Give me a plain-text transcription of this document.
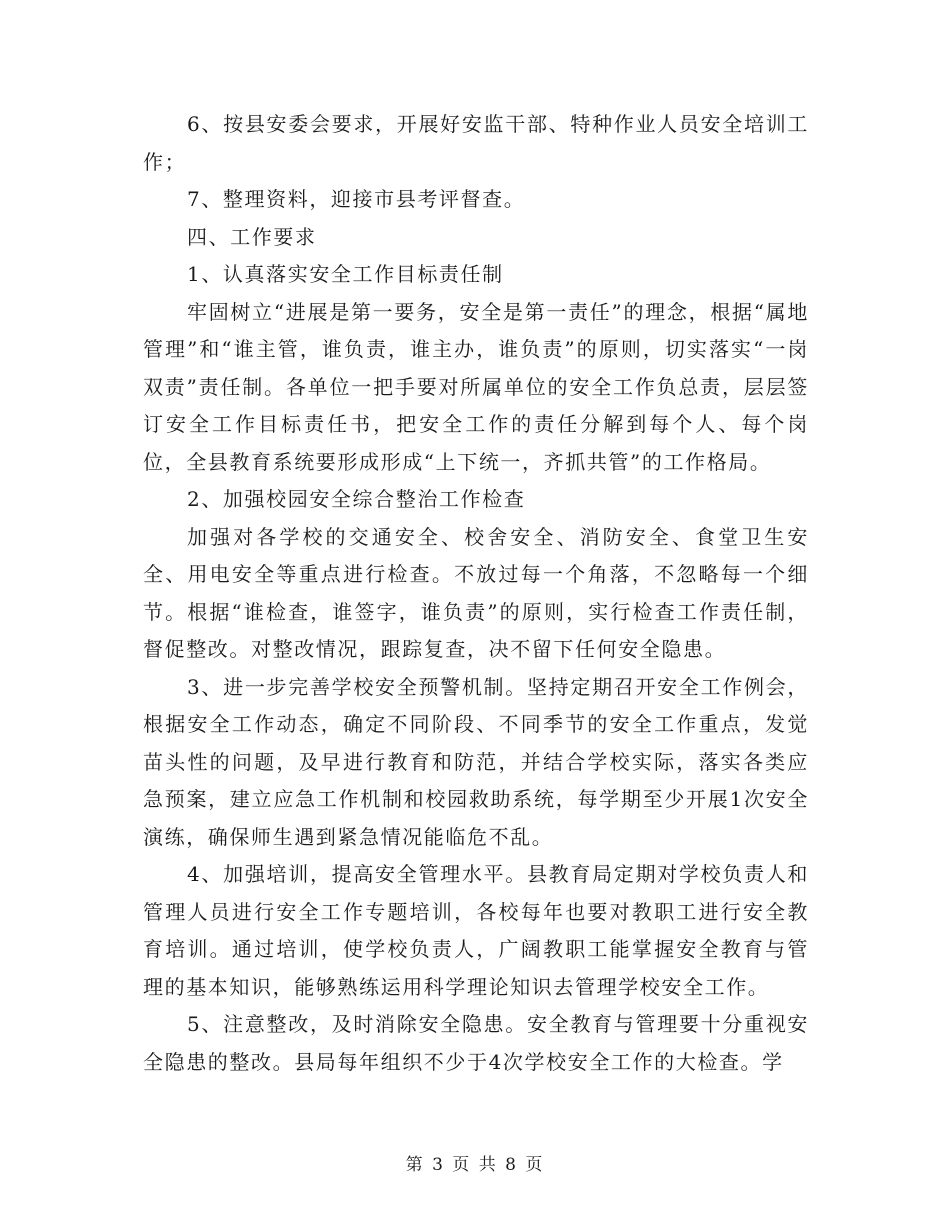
6、按县安委会要求，开展好安监干部、特种作业人员安全培训工作；

7、整理资料，迎接市县考评督查。

四、工作要求

1、认真落实安全工作目标责任制

牢固树立“进展是第一要务，安全是第一责任”的理念，根据“属地管理”和“谁主管，谁负责，谁主办，谁负责”的原则，切实落实“一岗双责”责任制。各单位一把手要对所属单位的安全工作负总责，层层签订安全工作目标责任书，把安全工作的责任分解到每个人、每个岗位，全县教育系统要形成形成“上下统一，齐抓共管”的工作格局。

2、加强校园安全综合整治工作检查

加强对各学校的交通安全、校舍安全、消防安全、食堂卫生安全、用电安全等重点进行检查。不放过每一个角落，不忽略每一个细节。根据“谁检查，谁签字，谁负责”的原则，实行检查工作责任制，督促整改。对整改情况，跟踪复查，决不留下任何安全隐患。

3、进一步完善学校安全预警机制。坚持定期召开安全工作例会，根据安全工作动态，确定不同阶段、不同季节的安全工作重点，发觉苗头性的问题，及早进行教育和防范，并结合学校实际，落实各类应急预案，建立应急工作机制和校园救助系统，每学期至少开展1次安全演练，确保师生遇到紧急情况能临危不乱。

4、加强培训，提高安全管理水平。县教育局定期对学校负责人和管理人员进行安全工作专题培训，各校每年也要对教职工进行安全教育培训。通过培训，使学校负责人，广阔教职工能掌握安全教育与管理的基本知识，能够熟练运用科学理论知识去管理学校安全工作。

5、注意整改，及时消除安全隐患。安全教育与管理要十分重视安全隐患的整改。县局每年组织不少于4次学校安全工作的大检查。学

第 3 页 共 8 页
